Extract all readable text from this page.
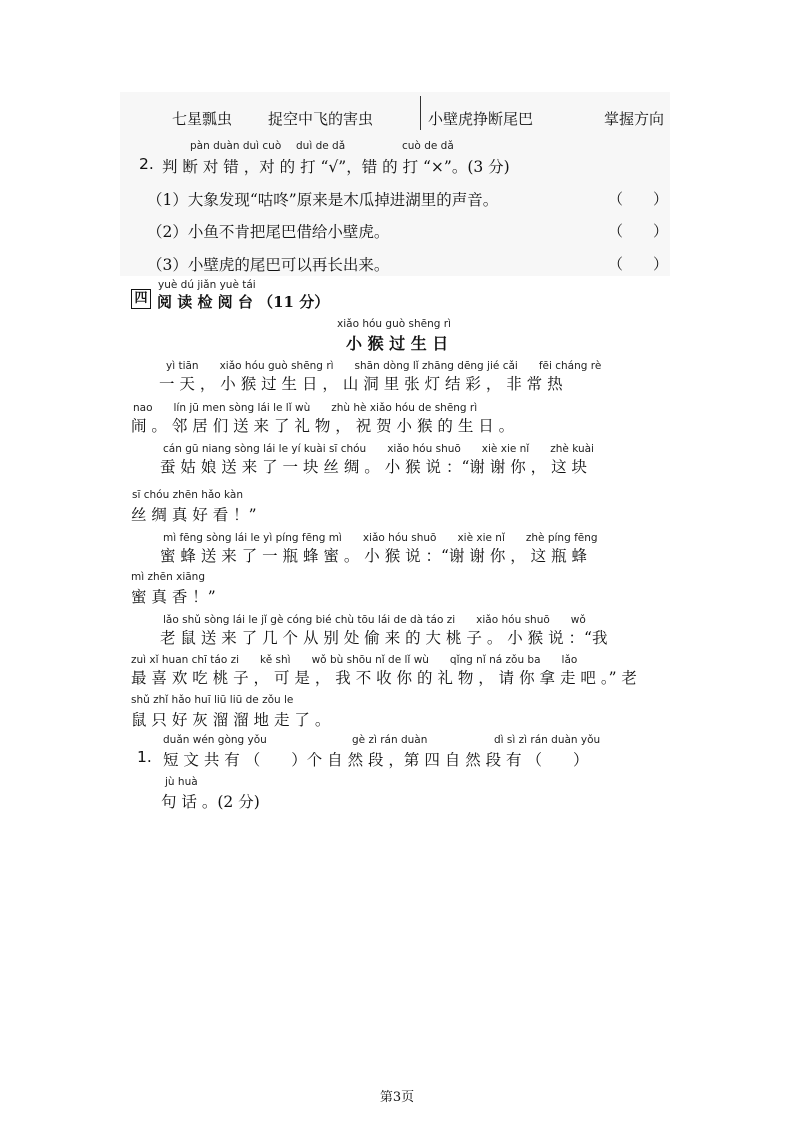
七星瓢虫 捉空中飞的害虫	小壁虎挣断尾巴	掌握方向
pàn duàn duì cuò duì de dǎ	cuò de dǎ
2. 判 断 对 错 ，对 的 打 “√”，错 的 打 “×”。(3 分)
（1）大象发现“咕咚”原来是木瓜掉进湖里的声音。	（　　）
（2）小鱼不肯把尾巴借给小壁虎。	（　　）
（3）小壁虎的尾巴可以再长出来。	（　　）
yuè dú jiǎn yuè tái
四 阅 读 检 阅 台 （11 分）
xiǎo hóu guò shēng rì
小 猴 过 生 日
yì tiān　　xiǎo hóu guò shēng rì　　shān dòng lǐ zhāng dēng jié cǎi　　fēi cháng rè
一 天 ， 小 猴 过 生 日 ， 山 洞 里 张 灯 结 彩 ， 非 常 热
nao　　lín jū men sòng lái le lǐ wù　　zhù hè xiǎo hóu de shēng rì
闹 。 邻 居 们 送 来 了 礼 物 ， 祝 贺 小 猴 的 生 日 。
cán gū niang sòng lái le yí kuài sī chóu　　xiǎo hóu shuō　　xiè xie nǐ　　zhè kuài
蚕 姑 娘 送 来 了 一 块 丝 绸 。 小 猴 说 ：“谢 谢 你 ， 这 块
sī chóu zhēn hǎo kàn
丝 绸 真 好 看 ！”
mì fēng sòng lái le yì píng fēng mì　　xiǎo hóu shuō　　xiè xie nǐ　　zhè píng fēng
蜜 蜂 送 来 了 一 瓶 蜂 蜜 。 小 猴 说 ：“谢 谢 你 ， 这 瓶 蜂
mì zhēn xiāng
蜜 真 香 ！”
lǎo shǔ sòng lái le jǐ gè cóng bié chù tōu lái de dà táo zi　　xiǎo hóu shuō　　wǒ
老 鼠 送 来 了 几 个 从 别 处 偷 来 的 大 桃 子 。 小 猴 说 ：“我
zuì xǐ huan chī táo zi　　kě shì　　wǒ bù shōu nǐ de lǐ wù　　qǐng nǐ ná zǒu ba　　lǎo
最 喜 欢 吃 桃 子 ， 可 是 ， 我 不 收 你 的 礼 物 ， 请 你 拿 走 吧 。” 老
shǔ zhǐ hǎo huī liū liū de zǒu le
鼠 只 好 灰 溜 溜 地 走 了 。
duǎn wén gòng yǒu	gè zì rán duàn	dì sì zì rán duàn yǒu
1. 短 文 共 有 （　　）个 自 然 段 ，第 四 自 然 段 有 （　　）
jù huà
句 话 。(2 分)
第3页
